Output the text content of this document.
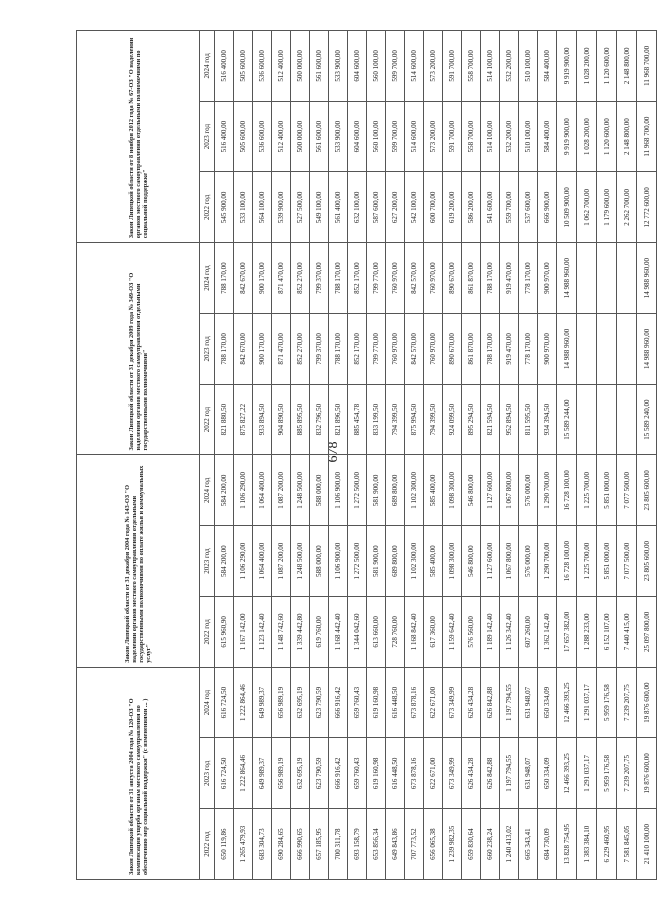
678
Закон Липецкой области от 31 августа 2004 года № 120-ОЗ "О компенсации ущерба органам местного самоуправления по обеспечению мер социальной поддержки" (с изменениями ... )			Закон Липецкой области от 31 декабря 2004 года № 143-ОЗ "О наделении органов местного самоуправления отдельными государственными полномочиями по оплате жилья и коммунальных услуг"			Закон Липецкой области от 31 декабря 2009 года № 349-ОЗ "О наделении органов местного самоуправления отдельными государственными полномочиями"			Закон Липецкой области от 8 ноября 2012 года № 67-ОЗ "О наделении органов местного самоуправления отдельными полномочиями по социальной поддержке"		
2022 год	2023 год	2024 год	2022 год	2023 год	2024 год	2022 год	2023 год	2024 год	2022 год	2023 год	2024 год
650 119,86	616 724,50	616 724,50	615 960,90	584 200,00	584 200,00	821 880,50	788 170,00	788 170,00	545 900,00	516 400,00	516 400,00
1 265 479,93	1 222 864,46	1 222 864,46	1 167 142,00	1 106 290,00	1 106 290,00	875 827,22	842 670,00	842 670,00	533 100,00	505 600,00	505 600,00
683 304,73	649 989,37	649 989,37	1 123 142,40	1 064 400,00	1 064 400,00	933 894,50	900 170,00	900 170,00	564 100,00	536 600,00	536 600,00
690 284,65	656 989,19	656 989,19	1 148 742,60	1 087 200,00	1 087 200,00	904 890,50	871 470,00	871 470,00	539 900,00	512 400,00	512 400,00
666 990,65	632 695,19	632 695,19	1 339 442,80	1 248 500,00	1 248 500,00	885 895,50	852 270,00	852 270,00	527 500,00	500 000,00	500 000,00
657 185,95	623 790,59	623 790,59	619 760,00	588 000,00	588 000,00	832 796,50	799 370,00	799 370,00	549 100,00	561 600,00	561 600,00
700 311,78	666 916,42	666 916,42	1 168 442,40	1 106 900,00	1 106 900,00	821 896,50	788 170,00	788 170,00	561 400,00	533 900,00	533 900,00
693 158,79	659 760,43	659 760,43	1 344 042,60	1 272 500,00	1 272 500,00	885 454,78	852 170,00	852 170,00	632 100,00	604 600,00	604 600,00
653 856,34	619 160,98	619 160,98	613 660,00	581 900,00	581 900,00	833 199,50	799 770,00	799 770,00	587 600,00	560 100,00	560 100,00
649 843,86	616 448,50	616 448,50	728 760,00	689 800,00	689 800,00	794 399,50	760 970,00	760 970,00	627 200,00	599 700,00	599 700,00
707 773,52	673 878,16	673 878,16	1 168 842,40	1 102 300,00	1 102 300,00	875 994,50	842 570,00	842 570,00	542 100,00	514 600,00	514 600,00
656 065,38	622 671,00	622 671,00	617 360,00	585 400,00	585 400,00	794 399,50	760 970,00	760 970,00	600 700,00	573 200,00	573 200,00
1 239 982,35	673 349,99	673 349,99	1 159 642,40	1 098 300,00	1 098 300,00	924 099,50	890 670,00	890 670,00	619 200,00	591 700,00	591 700,00
659 830,64	626 434,28	626 434,28	576 560,00	546 800,00	546 800,00	895 294,50	861 870,00	861 870,00	586 200,00	558 700,00	558 700,00
660 238,24	626 842,88	626 842,88	1 189 142,40	1 127 600,00	1 127 600,00	821 594,50	788 170,00	788 170,00	541 600,00	514 100,00	514 100,00
1 240 413,02	1 197 794,55	1 197 794,55	1 126 342,40	1 067 800,00	1 067 800,00	952 894,50	919 470,00	919 470,00	559 700,00	532 200,00	532 200,00
665 343,41	631 948,07	631 948,07	607 260,00	576 000,00	576 000,00	811 595,50	778 170,00	778 170,00	537 600,00	510 100,00	510 100,00
684 730,09	650 334,09	650 334,09	1 362 142,40	1 290 700,00	1 290 700,00	934 394,50	900 970,00	900 970,00	666 900,00	584 400,00	584 400,00
13 828 754,95	12 466 393,25	12 466 393,25	17 657 382,00	16 728 100,00	16 728 100,00	15 589 244,00	14 988 960,00	14 988 960,00	10 509 900,00	9 919 900,00	9 919 900,00
1 383 384,10	1 291 037,17	1 291 037,17	1 288 233,00	1 225 700,00	1 225 700,00				1 062 700,00	1 028 200,00	1 028 200,00
6 229 460,95	5 959 176,58	5 959 176,58	6 152 107,00	5 851 000,00	5 851 000,00				1 179 600,00	1 120 600,00	1 120 600,00
7 581 845,05	7 239 207,75	7 239 207,75	7 440 415,00	7 077 500,00	7 077 500,00				2 262 700,00	2 148 800,00	2 148 800,00
21 410 100,00	19 876 600,00	19 876 600,00	25 097 800,00	23 805 600,00	23 805 600,00	15 589 240,00	14 988 960,00	14 988 960,00	12 772 600,00	11 968 700,00	11 968 700,00
